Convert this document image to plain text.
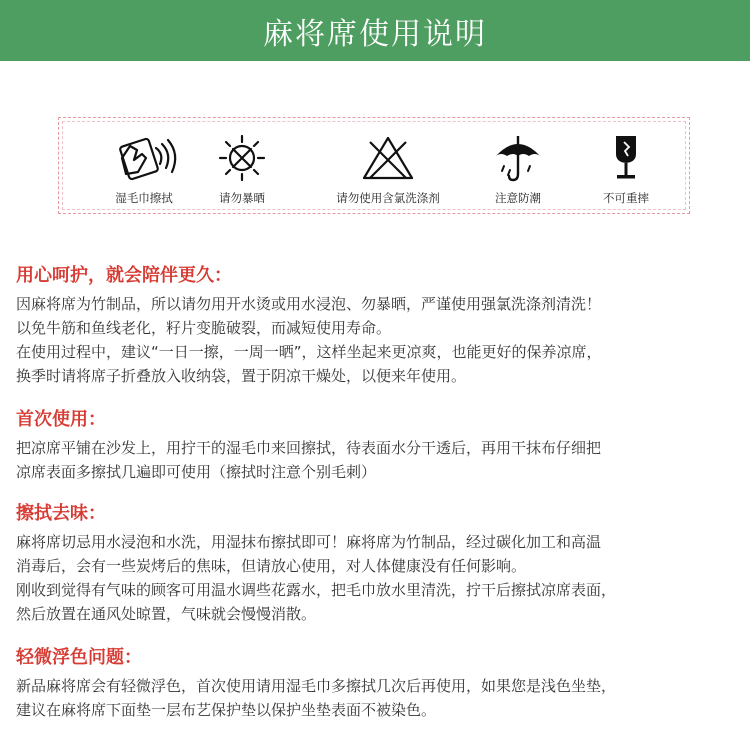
麻将席使用说明
湿毛巾擦拭	请勿暴晒	请勿使用含氯洗涤剂	注意防潮	不可重摔
用心呵护，就会陪伴更久：

因麻将席为竹制品，所以请勿用开水烫或用水浸泡、勿暴晒，严谨使用强氯洗涤剂清洗！

以免牛筋和鱼线老化，籽片变脆破裂，而减短使用寿命。

在使用过程中，建议“一日一擦，一周一晒”，这样坐起来更凉爽，也能更好的保养凉席，

换季时请将席子折叠放入收纳袋，置于阴凉干燥处，以便来年使用。

首次使用：

把凉席平铺在沙发上，用拧干的湿毛巾来回擦拭，待表面水分干透后，再用干抹布仔细把

凉席表面多擦拭几遍即可使用（擦拭时注意个别毛刺）

擦拭去味：

麻将席切忌用水浸泡和水洗，用湿抹布擦拭即可！麻将席为竹制品，经过碳化加工和高温

消毒后，会有一些炭烤后的焦味，但请放心使用，对人体健康没有任何影响。

刚收到觉得有气味的顾客可用温水调些花露水，把毛巾放水里清洗，拧干后擦拭凉席表面，

然后放置在通风处晾置，气味就会慢慢消散。

轻微浮色问题：

新品麻将席会有轻微浮色，首次使用请用湿毛巾多擦拭几次后再使用，如果您是浅色坐垫，

建议在麻将席下面垫一层布艺保护垫以保护坐垫表面不被染色。
